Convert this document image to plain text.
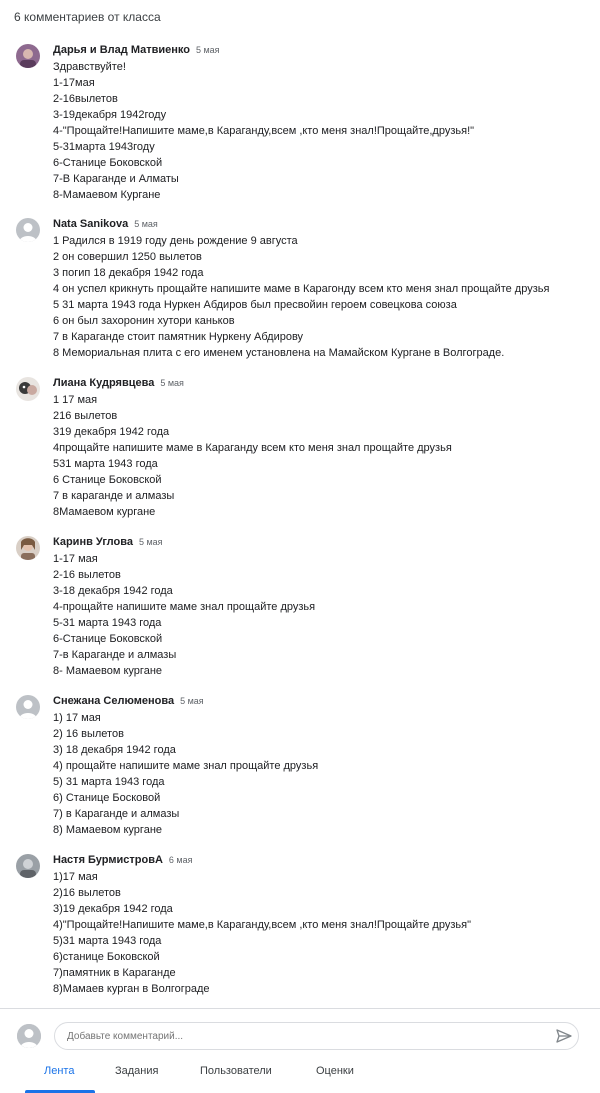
6 комментариев от класса
Дарья и Влад Матвиенко 5 мая
Здравствуйте!
1-17мая
2-16вылетов
3-19декабря 1942году
4-"Прощайте!Напишите маме,в Караганду,всем ,кто меня знал!Прощайте,друзья!"
5-31марта 1943году
6-Станице Боковской
7-В Караганде и Алматы
8-Мамаевом Кургане
Nata Sanikova 5 мая
1 Радился в 1919 году день рождение 9 августа
2 он совершил 1250 вылетов
3 погип 18 декабря 1942 года
4 он успел крикнуть прощайте напишите маме в Карагонду всем кто меня знал прощайте друзья
5 31 марта 1943 года Нуркен Абдиров был пресвойин героем совецкова союза
6 он был захоронин хутори каньков
7 в Караганде стоит памятник Нуркену Абдирову
8 Мемориальная плита с его именем установлена на Мамайском Кургане в Волгограде.
Лиана Кудрявцева 5 мая
1 17 мая
216 вылетов
319 декабря 1942 года
4прощайте напишите маме в Караганду всем кто меня знал прощайте друзья
531 марта 1943 года
6 Станице Боковской
7 в караганде и алмазы
8Мамаевом кургане
Каринв Углова 5 мая
1-17 мая
2-16 вылетов
3-18 декабря 1942 года
4-прощайте напишите маме знал прощайте друзья
5-31 марта 1943 года
6-Станице Боковской
7-в Караганде и алмазы
8- Мамаевом кургане
Снежана Селюменова 5 мая
1) 17 мая
2) 16 вылетов
3) 18 декабря 1942 года
4) прощайте напишите маме знал прощайте друзья
5) 31 марта 1943 года
6) Станице Босковой
7) в Караганде и алмазы
8) Мамаевом кургане
Настя БурмистровА 6 мая
1)17 мая
2)16 вылетов
3)19 декабря 1942 года
4)"Прощайте!Напишите маме,в Караганду,всем ,кто меня знал!Прощайте друзья"
5)31 марта 1943 года
6)станице Боковской
7)памятник в Караганде
8)Мамаев курган в Волгограде
Добавьте комментарий...
Лента	Задания	Пользователи	Оценки
